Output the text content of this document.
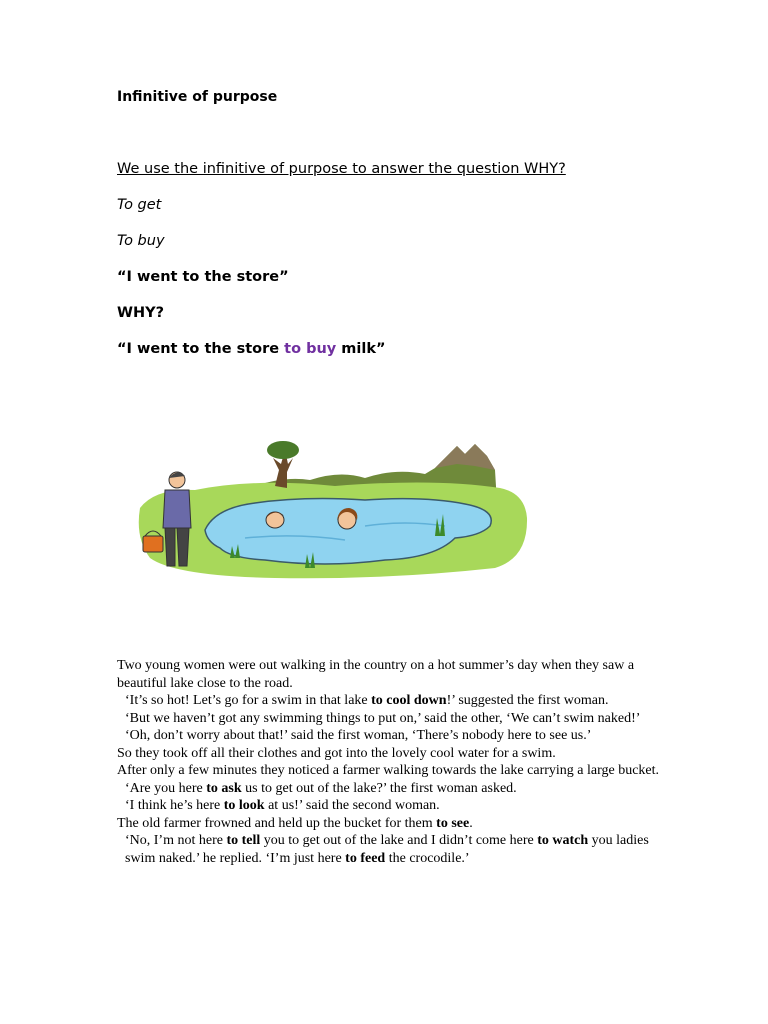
Infinitive of purpose
We use the infinitive of purpose to answer the question WHY?
To get
To buy
“I went to the store”
WHY?
“I went to the store to buy milk”

Two young women were out walking in the country on a hot summer’s day when they saw a beautiful lake close to the road.

‘It’s so hot! Let’s go for a swim in that lake to cool down!’ suggested the first woman.

‘But we haven’t got any swimming things to put on,’ said the other, ‘We can’t swim naked!’

‘Oh, don’t worry about that!’ said the first woman, ‘There’s nobody here to see us.’

So they took off all their clothes and got into the lovely cool water for a swim.

After only a few minutes they noticed a farmer walking towards the lake carrying a large bucket.

‘Are you here to ask us to get out of the lake?’ the first woman asked.

‘I think he’s here to look at us!’ said the second woman.

The old farmer frowned and held up the bucket for them to see.

‘No, I’m not here to tell you to get out of the lake and I didn’t come here to watch you ladies swim naked.’ he replied. ‘I’m just here to feed the crocodile.’
